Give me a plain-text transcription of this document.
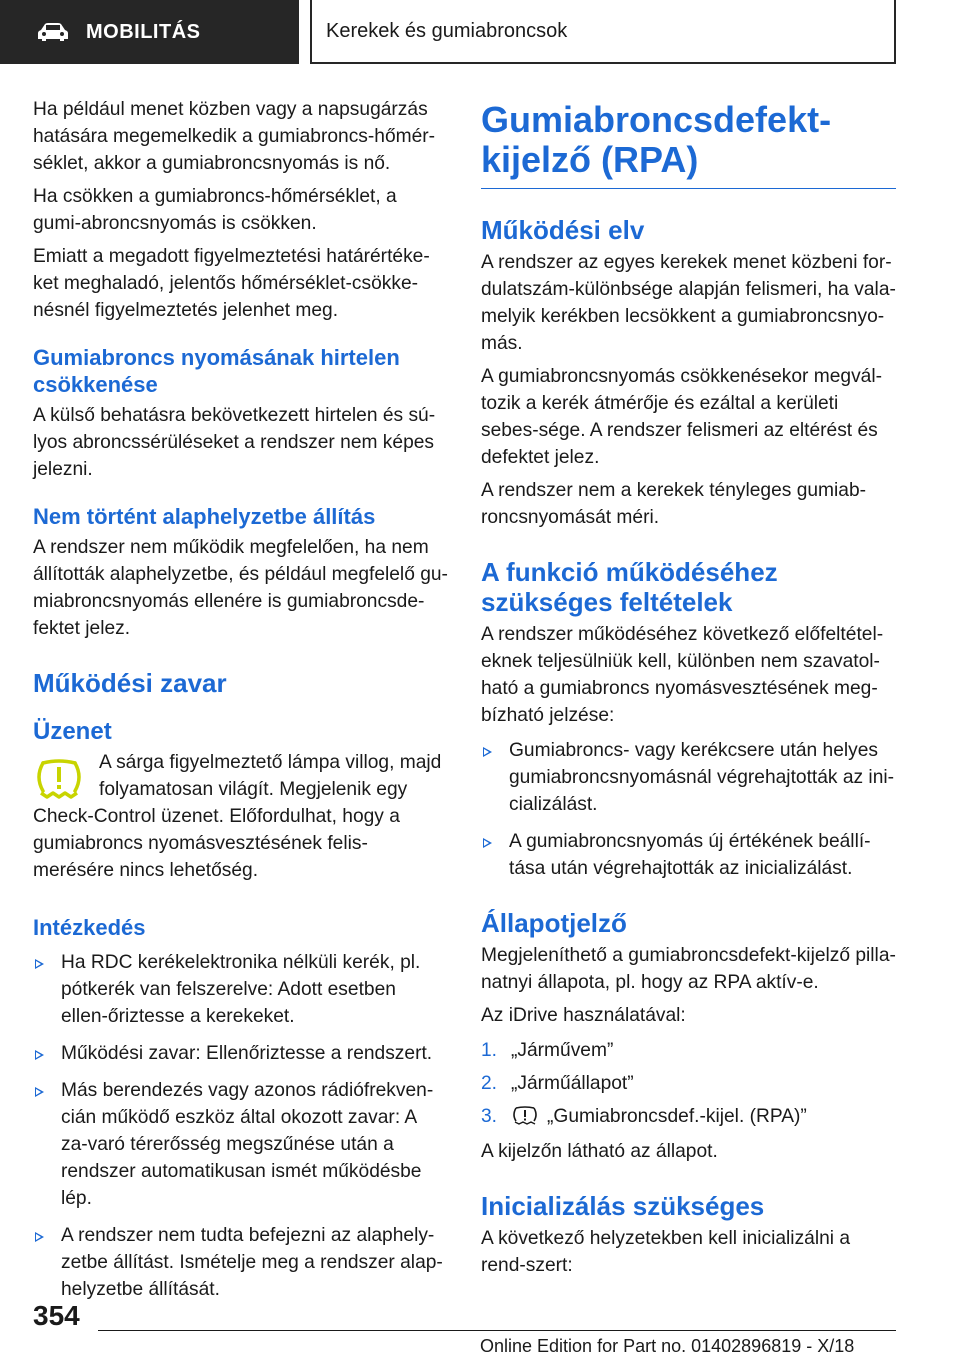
MOBILITÁS	Kerekek és gumiabroncsok

Ha például menet közben vagy a napsugárzás hatására megemelkedik a gumiabroncs-hőmér-séklet, akkor a gumiabroncsnyomás is nő.

Ha csökken a gumiabroncs-hőmérséklet, a gumi-abroncsnyomás is csökken.

Emiatt a megadott figyelmeztetési határértéke-ket meghaladó, jelentős hőmérséklet-csökke-nésnél figyelmeztetés jelenhet meg.

Gumiabroncs nyomásának hirtelen csökkenése

A külső behatásra bekövetkezett hirtelen és sú-lyos abroncssérüléseket a rendszer nem képes jelezni.

Nem történt alaphelyzetbe állítás

A rendszer nem működik megfelelően, ha nem állították alaphelyzetbe, és például megfelelő gu-miabroncsnyomás ellenére is gumiabroncsde-fektet jelez.

Működési zavar
Üzenet

A sárga figyelmeztető lámpa villog, majd folyamatosan világít. Megjelenik egy Check-Control üzenet. Előfordulhat, hogy a gumiabroncs nyomásvesztésének felis-merésére nincs lehetőség.

Intézkedés
Ha RDC kerékelektronika nélküli kerék, pl. pótkerék van felszerelve: Adott esetben ellen-őriztesse a kerekeket.
Működési zavar: Ellenőriztesse a rendszert.
Más berendezés vagy azonos rádiófrekven-cián működő eszköz által okozott zavar: A za-varó térerősség megszűnése után a rendszer automatikusan ismét működésbe lép.
A rendszer nem tudta befejezni az alaphely-zetbe állítást. Ismételje meg a rendszer alap-helyzetbe állítását.
Gumiabroncsdefekt-kijelző (RPA)
Működési elv

A rendszer az egyes kerekek menet közbeni for-dulatszám-különbsége alapján felismeri, ha vala-melyik kerékben lecsökkent a gumiabroncsnyo-más.

A gumiabroncsnyomás csökkenésekor megvál-tozik a kerék átmérője és ezáltal a kerületi sebes-sége. A rendszer felismeri az eltérést és defektet jelez.

A rendszer nem a kerekek tényleges gumiab-roncsnyomását méri.

A funkció működéséhez szükséges feltételek

A rendszer működéséhez következő előfeltétel-eknek teljesülniük kell, különben nem szavatol-ható a gumiabroncs nyomásvesztésének meg-bízható jelzése:

Gumiabroncs- vagy kerékcsere után helyes gumiabroncsnyomásnál végrehajtották az ini-cializálást.
A gumiabroncsnyomás új értékének beállí-tása után végrehajtották az inicializálást.
Állapotjelző

Megjeleníthető a gumiabroncsdefekt-kijelző pilla-natnyi állapota, pl. hogy az RPA aktív-e.

Az iDrive használatával:

1. „Járművem”
2. „Járműállapot”
3.	„Gumiabroncsdef.-kijel. (RPA)”

A kijelzőn látható az állapot.

Inicializálás szükséges

A következő helyzetekben kell inicializálni a rend-szert:

354
Online Edition for Part no. 01402896819 - X/18
